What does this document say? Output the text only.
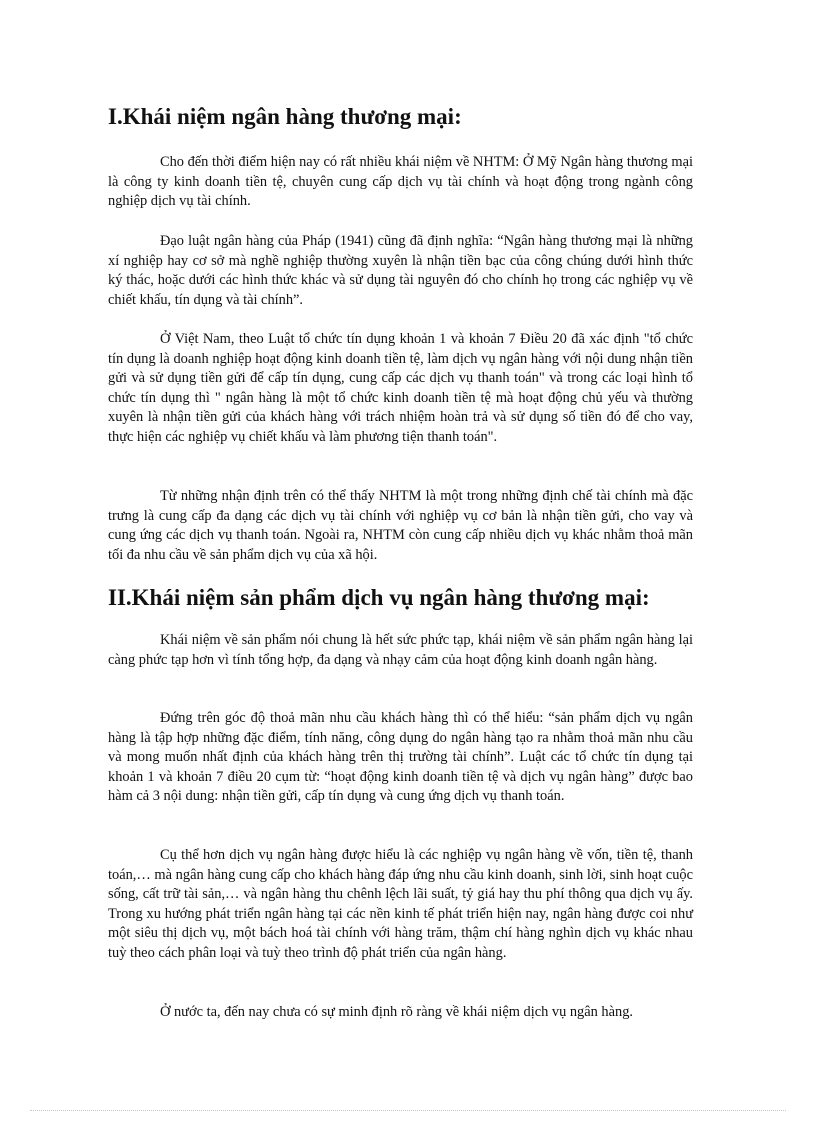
I.Khái niệm ngân hàng thương mại:

Cho đến thời điểm hiện nay có rất nhiều khái niệm về NHTM: Ở Mỹ Ngân hàng thương mại là công ty kinh doanh tiền tệ, chuyên cung cấp dịch vụ tài chính và hoạt động trong ngành công nghiệp dịch vụ tài chính.

Đạo luật ngân hàng của Pháp (1941) cũng đã định nghĩa: “Ngân hàng thương mại là những xí nghiệp hay cơ sở mà nghề nghiệp thường xuyên là nhận tiền bạc của công chúng dưới hình thức ký thác, hoặc dưới các hình thức khác và sử dụng tài nguyên đó cho chính họ trong các nghiệp vụ về chiết khấu, tín dụng và tài chính”.

Ở Việt Nam, theo Luật tổ chức tín dụng khoản 1 và khoản 7 Điều 20 đã xác định "tổ chức tín dụng là doanh nghiệp hoạt động kinh doanh tiền tệ, làm dịch vụ ngân hàng với nội dung nhận tiền gửi và sử dụng tiền gửi để cấp tín dụng, cung cấp các dịch vụ thanh toán" và trong các loại hình tổ chức tín dụng thì " ngân hàng là một tổ chức kinh doanh tiền tệ mà hoạt động chủ yếu và thường xuyên là nhận tiền gửi của khách hàng với trách nhiệm hoàn trả và sử dụng số tiền đó để cho vay, thực hiện các nghiệp vụ chiết khấu và làm phương tiện thanh toán".

Từ những nhận định trên có thể thấy NHTM là một trong những định chế tài chính mà đặc trưng là cung cấp đa dạng các dịch vụ tài chính với nghiệp vụ cơ bản là nhận tiền gửi, cho vay và cung ứng các dịch vụ thanh toán. Ngoài ra, NHTM còn cung cấp nhiều dịch vụ khác nhằm thoả mãn tối đa nhu cầu về sản phẩm dịch vụ của xã hội.

II.Khái niệm sản phẩm dịch vụ ngân hàng thương mại:

Khái niệm về sản phẩm nói chung là hết sức phức tạp, khái niệm về sản phẩm ngân hàng lại càng phức tạp hơn vì tính tổng hợp, đa dạng và nhạy cảm của hoạt động kinh doanh ngân hàng.

Đứng trên góc độ thoả mãn nhu cầu khách hàng thì có thể hiểu: “sản phẩm dịch vụ ngân hàng là tập hợp những đặc điểm, tính năng, công dụng do ngân hàng tạo ra nhằm thoả mãn nhu cầu và mong muốn nhất định của khách hàng trên thị trường tài chính”. Luật các tổ chức tín dụng tại khoản 1 và khoản 7 điều 20 cụm từ: “hoạt động kinh doanh tiền tệ và dịch vụ ngân hàng” được bao hàm cả 3 nội dung: nhận tiền gửi, cấp tín dụng và cung ứng dịch vụ thanh toán.

Cụ thể hơn dịch vụ ngân hàng được hiểu là các nghiệp vụ ngân hàng về vốn, tiền tệ, thanh toán,… mà ngân hàng cung cấp cho khách hàng đáp ứng nhu cầu kinh doanh, sinh lời, sinh hoạt cuộc sống, cất trữ tài sản,… và ngân hàng thu chênh lệch lãi suất, tỷ giá hay thu phí thông qua dịch vụ ấy. Trong xu hướng phát triển ngân hàng tại các nền kinh tế phát triển hiện nay, ngân hàng được coi như một siêu thị dịch vụ, một bách hoá tài chính với hàng trăm, thậm chí hàng nghìn dịch vụ khác nhau tuỳ theo cách phân loại và tuỳ theo trình độ phát triển của ngân hàng.

Ở nước ta, đến nay chưa có sự minh định rõ ràng về khái niệm dịch vụ ngân hàng.
